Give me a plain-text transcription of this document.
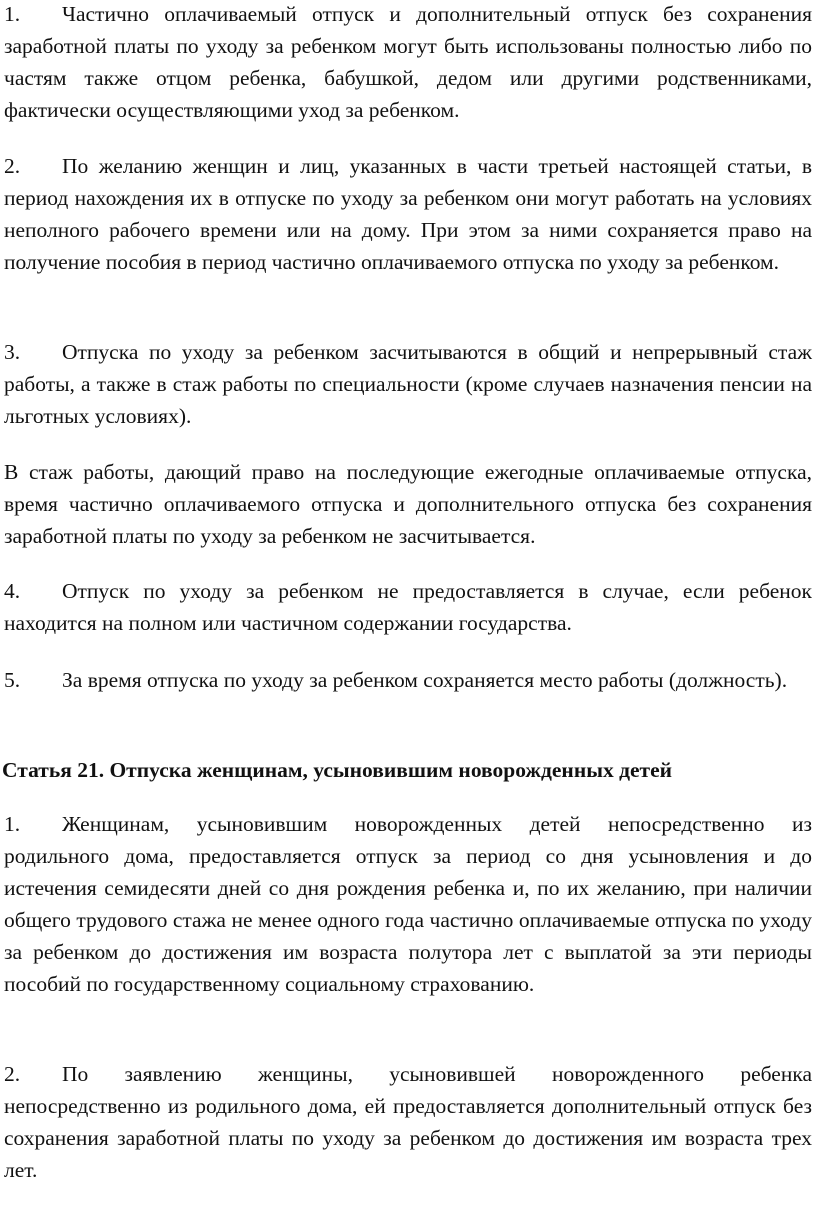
1. Частично оплачиваемый отпуск и дополнительный отпуск без сохранения заработной платы по уходу за ребенком могут быть использованы полностью либо по частям также отцом ребенка, бабушкой, дедом или другими родственниками, фактически осуществляющими уход за ребенком.

2. По желанию женщин и лиц, указанных в части третьей настоящей статьи, в период нахождения их в отпуске по уходу за ребенком они могут работать на условиях неполного рабочего времени или на дому. При этом за ними сохраняется право на получение пособия в период частично оплачиваемого отпуска по уходу за ребенком.

3. Отпуска по уходу за ребенком засчитываются в общий и непрерывный стаж работы, а также в стаж работы по специальности (кроме случаев назначения пенсии на льготных условиях).

В стаж работы, дающий право на последующие ежегодные оплачиваемые отпуска, время частично оплачиваемого отпуска и дополнительного отпуска без сохранения заработной платы по уходу за ребенком не засчитывается.

4. Отпуск по уходу за ребенком не предоставляется в случае, если ребенок находится на полном или частичном содержании государства.

5. За время отпуска по уходу за ребенком сохраняется место работы (должность).

Статья 21. Отпуска женщинам, усыновившим новорожденных детей

1. Женщинам, усыновившим новорожденных детей непосредственно из родильного дома, предоставляется отпуск за период со дня усыновления и до истечения семидесяти дней со дня рождения ребенка и, по их желанию, при наличии общего трудового стажа не менее одного года частично оплачиваемые отпуска по уходу за ребенком до достижения им возраста полутора лет с выплатой за эти периоды пособий по государственному социальному страхованию.

2. По заявлению женщины, усыновившей новорожденного ребенка непосредственно из родильного дома, ей предоставляется дополнительный отпуск без сохранения заработной платы по уходу за ребенком до достижения им возраста трех лет.
